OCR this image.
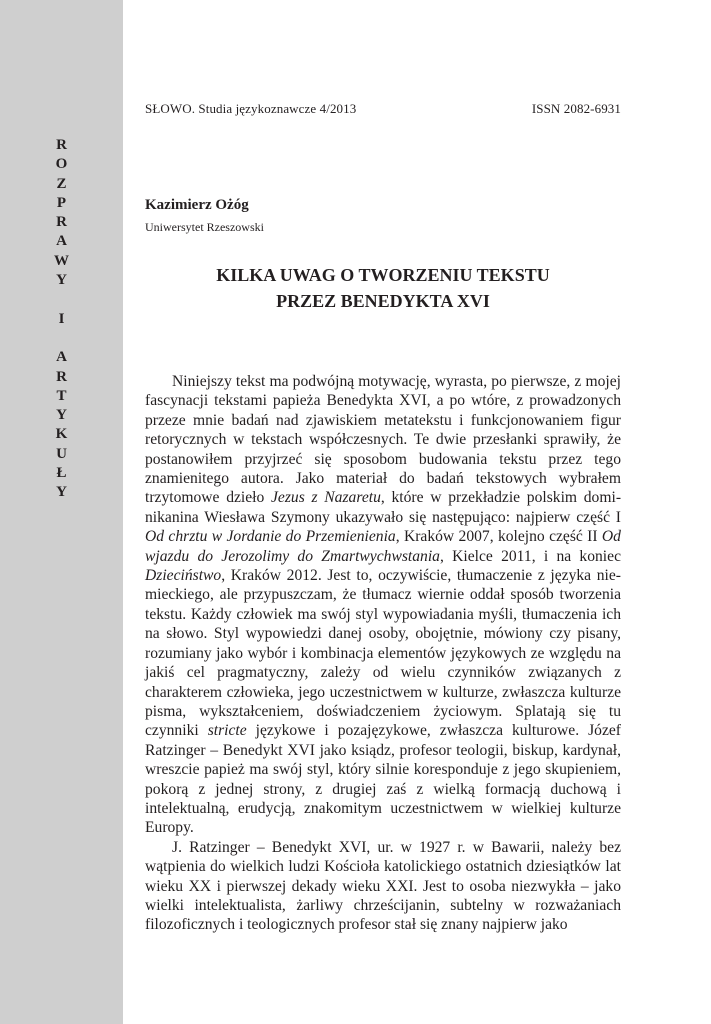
R
O
Z
P
R
A
W
Y

I

A
R
T
Y
K
U
Ł
Y
SŁOWO. Studia językoznawcze 4/2013	ISSN 2082-6931
Kazimierz Ożóg
Uniwersytet Rzeszowski
KILKA UWAG O TWORZENIU TEKSTU
PRZEZ BENEDYKTA XVI

Niniejszy tekst ma podwójną motywację, wyrasta, po pierwsze, z mojej fascynacji tekstami papieża Benedykta XVI, a po wtóre, z prowadzonych przeze mnie badań nad zjawiskiem metatekstu i funkcjonowaniem figur retorycznych w tekstach współczesnych. Te dwie przesłanki sprawiły, że postanowiłem przyjrzeć się sposobom budowania tekstu przez tego znamienitego autora. Jako materiał do badań tekstowych wybrałem trzytomowe dzieło Jezus z Nazaretu, które w przekładzie polskim dominikanina Wiesława Szymony ukazywało się następująco: najpierw część I Od chrztu w Jordanie do Przemienienia, Kraków 2007, kolejno część II Od wjazdu do Jerozolimy do Zmartwychwstania, Kielce 2011, i na koniec Dzieciństwo, Kraków 2012. Jest to, oczywiście, tłumaczenie z języka niemieckiego, ale przypuszczam, że tłumacz wiernie oddał sposób tworzenia tekstu. Każdy człowiek ma swój styl wypowiadania myśli, tłumaczenia ich na słowo. Styl wypowiedzi danej osoby, obojętnie, mówiony czy pisany, rozumiany jako wybór i kombinacja elementów językowych ze względu na jakiś cel pragmatyczny, zależy od wielu czynników związanych z charakterem człowieka, jego uczestnictwem w kulturze, zwłaszcza kulturze pisma, wykształceniem, doświadczeniem życiowym. Splatają się tu czynniki stricte językowe i pozajęzykowe, zwłaszcza kulturowe. Józef Ratzinger – Benedykt XVI jako ksiądz, profesor teologii, biskup, kardynał, wreszcie papież ma swój styl, który silnie koresponduje z jego skupieniem, pokorą z jednej strony, z drugiej zaś z wielką formacją duchową i intelektualną, erudycją, znakomitym uczestnictwem w wielkiej kulturze Europy.

J. Ratzinger – Benedykt XVI, ur. w 1927 r. w Bawarii, należy bez wątpienia do wielkich ludzi Kościoła katolickiego ostatnich dziesiątków lat wieku XX i pierwszej dekady wieku XXI. Jest to osoba niezwykła – jako wielki intelektualista, żarliwy chrześcijanin, subtelny w rozważaniach filozoficznych i teologicznych profesor stał się znany najpierw jako
